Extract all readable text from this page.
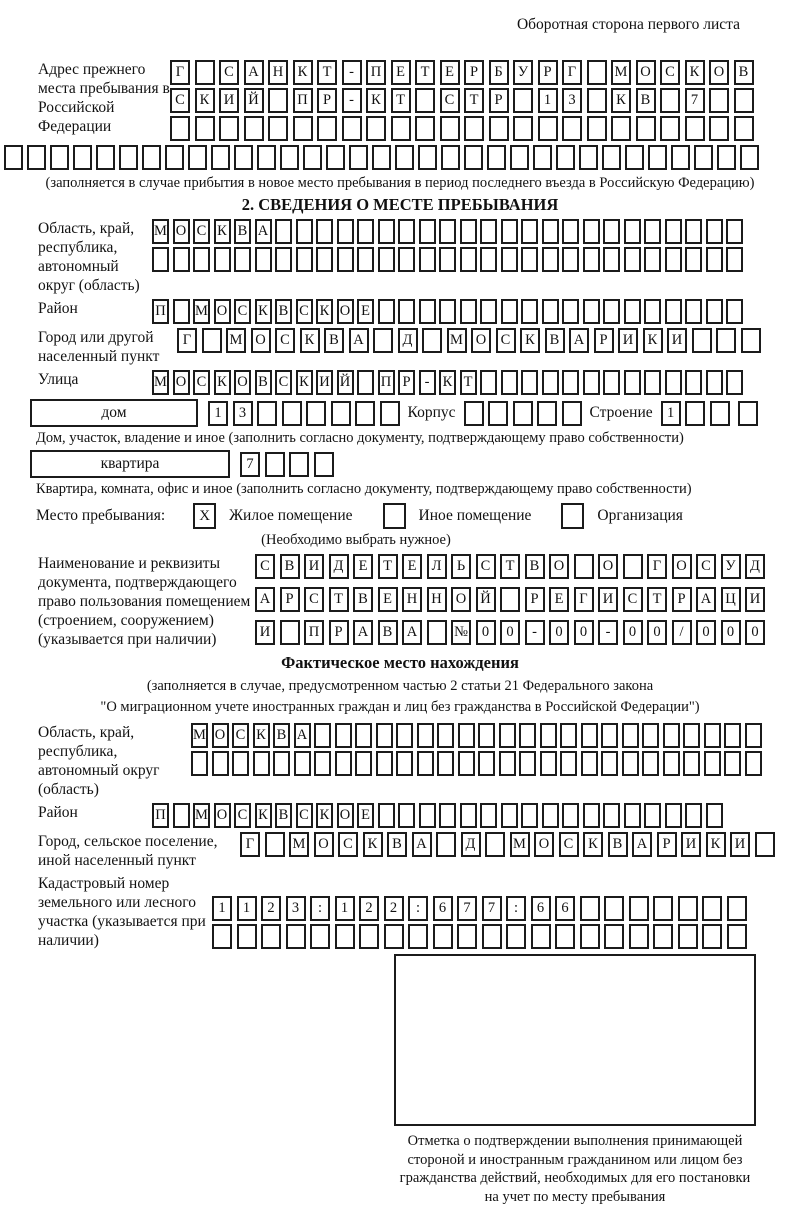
Оборотная сторона первого листа
Адрес прежнего места пребывания в Российской Федерации
Г	С А Н К	Т	-	П	Е	Т	Е	Р	Б	У	Р	Г	М О С	К О В
С	К И Й	П	Р	-	К	Т	С	Т	Р	1	3	К	В	7
(заполняется в случае прибытия в новое место пребывания в период последнего въезда в Российскую Федерацию)
2. СВЕДЕНИЯ О МЕСТЕ ПРЕБЫВАНИЯ
Область, край, республика, автономный округ (область)
М О С К В А
Район	П М О С К В С К О Е
Город или другой населенный пункт
Г	М О С	К	В А	Д	М О С	К	В А	Р	И К И
Улица	М О С К О В С К И Й П Р - К Т
дом	1	3	Корпус	Строение 1
Дом, участок, владение и иное (заполнить согласно документу, подтверждающему право собственности)
квартира	7
Квартира, комната, офис и иное (заполнить согласно документу, подтверждающему право собственности)
Место пребывания:	X	Жилое помещение	Иное помещение	Организация
(Необходимо выбрать нужное)
Наименование и реквизиты документа, подтверждающего право пользования помещением (строением, сооружением) (указывается при наличии)
С	В И Д	Е	Т	Е	Л	Ь	С	Т	В О	О	Г	О С	У Д
А	Р	С	Т	В	Е	Н Н О Й	Р	Е	Г	И С	Т	Р	А Ц И
И	П	Р	А В А	№ 0	0	-	0	0	-	0	0	/	0	0	0
Фактическое место нахождения
(заполняется в случае, предусмотренном частью 2 статьи 21 Федерального закона
"О миграционном учете иностранных граждан и лиц без гражданства в Российской Федерации")
Область, край, республика, автономный округ (область)
М О С К В А
Район	П М О С К В С К О Е
Город, сельское поселение, иной населенный пункт
Г	М О С	К	В А	Д	М О С	К	В А	Р	И К И
Кадастровый номер земельного или лесного участка (указывается при наличии)
1	1	2	3	:	1	2	2	:	6	7	7	:	6	6
Отметка о подтверждении выполнения принимающей
стороной и иностранным гражданином или лицом без
гражданства действий, необходимых для его постановки
на учет по месту пребывания
